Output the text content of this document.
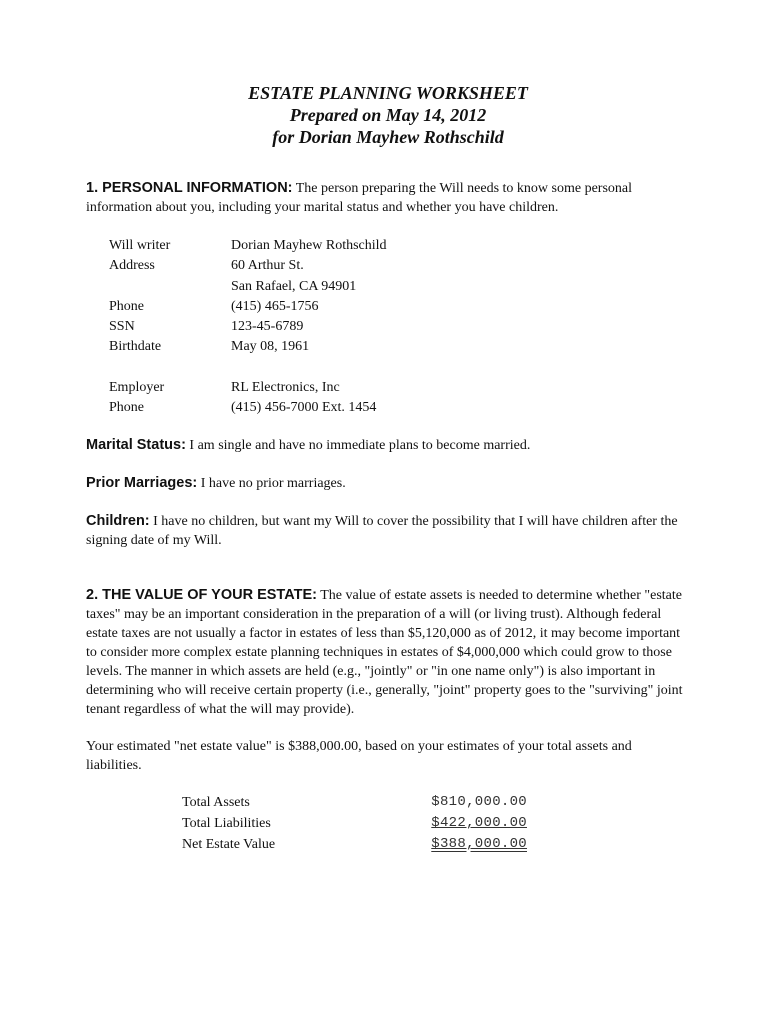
ESTATE PLANNING WORKSHEET
Prepared on May 14, 2012
for Dorian Mayhew Rothschild
1. PERSONAL INFORMATION: The person preparing the Will needs to know some personal information about you, including your marital status and whether you have children.
Will writer	Dorian Mayhew Rothschild
Address	60 Arthur St.
San Rafael, CA 94901
Phone	(415) 465-1756
SSN	123-45-6789
Birthdate	May 08, 1961
Employer	RL Electronics, Inc
Phone	(415) 456-7000 Ext. 1454
Marital Status: I am single and have no immediate plans to become married.
Prior Marriages: I have no prior marriages.
Children: I have no children, but want my Will to cover the possibility that I will have children after the signing date of my Will.
2. THE VALUE OF YOUR ESTATE: The value of estate assets is needed to determine whether "estate taxes" may be an important consideration in the preparation of a will (or living trust). Although federal estate taxes are not usually a factor in estates of less than $5,120,000 as of 2012, it may become important to consider more complex estate planning techniques in estates of $4,000,000 which could grow to those levels. The manner in which assets are held (e.g., "jointly" or "in one name only") is also important in determining who will receive certain property (i.e., generally, "joint" property goes to the "surviving" joint tenant regardless of what the will may provide).
Your estimated "net estate value" is $388,000.00, based on your estimates of your total assets and liabilities.
Total Assets	$810,000.00
Total Liabilities	$422,000.00
Net Estate Value	$388,000.00
